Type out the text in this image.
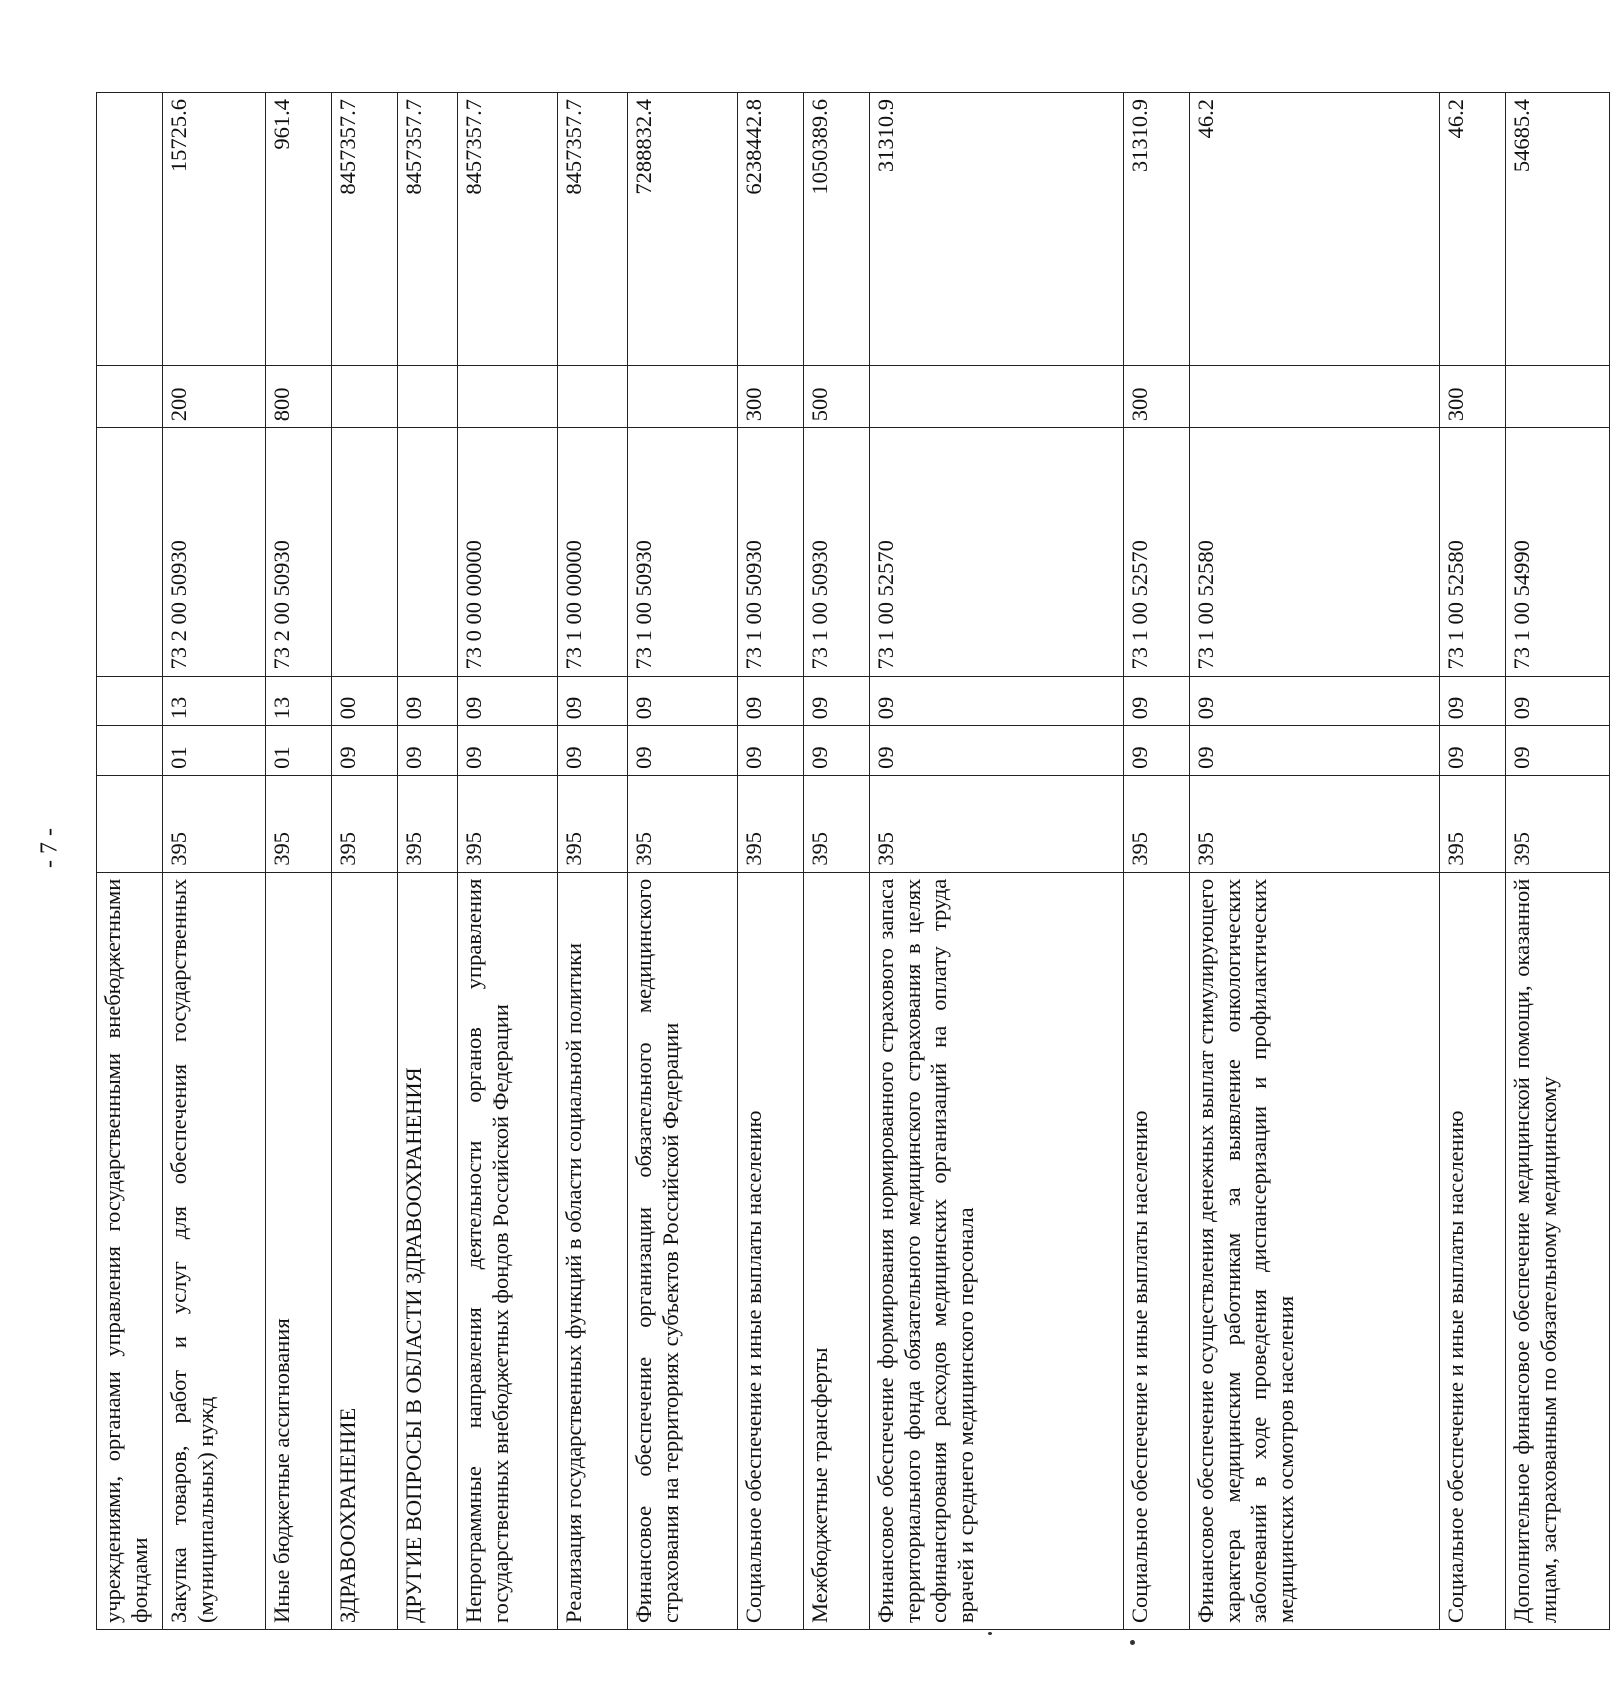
- 7 -
учреждениями, органами управления государственными внебюджетными фондами						
Закупка товаров, работ и услуг для обеспечения государственных (муниципальных) нужд	395	01	13	73 2 00 50930	200	15725.6
Иные бюджетные ассигнования	395	01	13	73 2 00 50930	800	961.4
ЗДРАВООХРАНЕНИЕ	395	09	00			8457357.7
ДРУГИЕ ВОПРОСЫ В ОБЛАСТИ ЗДРАВООХРАНЕНИЯ	395	09	09			8457357.7
Непрограммные направления деятельности органов управления государственных внебюджетных фондов Российской Федерации	395	09	09	73 0 00 00000		8457357.7
Реализация государственных функций в области социальной политики	395	09	09	73 1 00 00000		8457357.7
Финансовое обеспечение организации обязательного медицинского страхования на территориях субъектов Российской Федерации	395	09	09	73 1 00 50930		7288832.4
Социальное обеспечение и иные выплаты населению	395	09	09	73 1 00 50930	300	6238442.8
Межбюджетные трансферты	395	09	09	73 1 00 50930	500	1050389.6
Финансовое обеспечение формирования нормированного страхового запаса территориального фонда обязательного медицинского страхования в целях софинансирования расходов медицинских организаций на оплату труда врачей и среднего медицинского персонала	395	09	09	73 1 00 52570		31310.9
Социальное обеспечение и иные выплаты населению	395	09	09	73 1 00 52570	300	31310.9
Финансовое обеспечение осуществления денежных выплат стимулирующего характера медицинским работникам за выявление онкологических заболеваний в ходе проведения диспансеризации и профилактических медицинских осмотров населения	395	09	09	73 1 00 52580		46.2
Социальное обеспечение и иные выплаты населению	395	09	09	73 1 00 52580	300	46.2
Дополнительное финансовое обеспечение медицинской помощи, оказанной лицам, застрахованным по обязательному медицинскому	395	09	09	73 1 00 54990		54685.4
